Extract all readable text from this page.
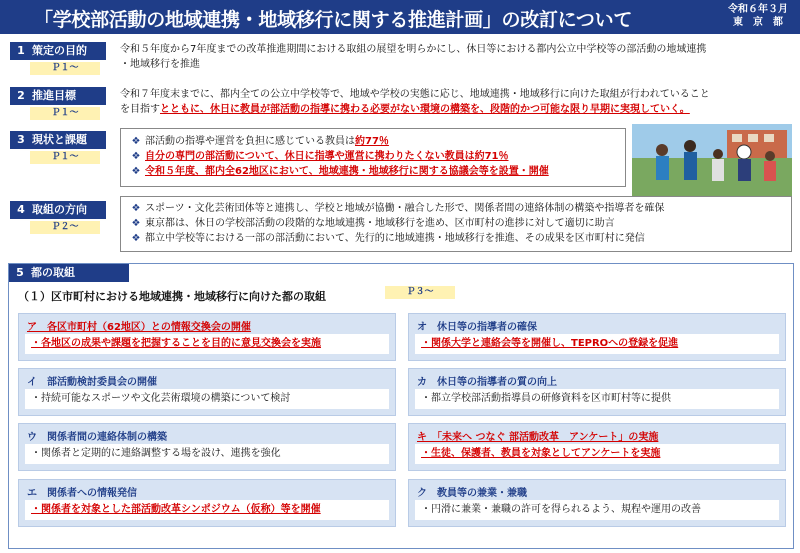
「学校部活動の地域連携・地域移行に関する推進計画」の改訂について	令和６年３月
東　京　都
1 策定の目的
Ｐ１～
令和５年度から7年度までの改革推進期間における取組の展望を明らかにし、休日等における都内公立中学校等の部活動の地域連携
・地域移行を推進
2 推進目標
Ｐ１～
令和７年度末までに、都内全ての公立中学校等で、地域や学校の実態に応じ、地域連携・地域移行に向けた取組が行われていること
を目指すとともに、休日に教員が部活動の指導に携わる必要がない環境の構築を、段階的かつ可能な限り早期に実現していく。
3 現状と課題
Ｐ１～
❖ 部活動の指導や運営を負担に感じている教員は約77％
❖ 自分の専門の部活動について、休日に指導や運営に携わりたくない教員は約71％
❖ 令和５年度、都内全62地区において、地域連携・地域移行に関する協議会等を設置・開催
4 取組の方向
Ｐ２～
❖ スポーツ・文化芸術団体等と連携し、学校と地域が協働・融合した形で、関係者間の連絡体制の構築や指導者を確保
❖ 東京都は、休日の学校部活動の段階的な地域連携・地域移行を進め、区市町村の進捗に対して適切に助言
❖ 都立中学校等における一部の部活動において、先行的に地域連携・地域移行を推進、その成果を区市町村に発信
5 都の取組
（１）区市町村における地域連携・地域移行に向けた都の取組	Ｐ３～
ア　各区市町村（62地区）との情報交換会の開催
・各地区の成果や課題を把握することを目的に意見交換会を実施
オ　休日等の指導者の確保
・関係大学と連絡会等を開催し、TEPROへの登録を促進
イ　部活動検討委員会の開催
・持続可能なスポーツや文化芸術環境の構築について検討
カ　休日等の指導者の質の向上
・都立学校部活動指導員の研修資料を区市町村等に提供
ウ　関係者間の連絡体制の構築
・関係者と定期的に連絡調整する場を設け、連携を強化
キ　「未来へ つなぐ 部活動改革　アンケート」の実施
・生徒、保護者、教員を対象としてアンケートを実施
エ　関係者への情報発信
・関係者を対象とした部活動改革シンポジウム（仮称）等を開催
ク　教員等の兼業・兼職
・円滑に兼業・兼職の許可を得られるよう、規程や運用の改善
